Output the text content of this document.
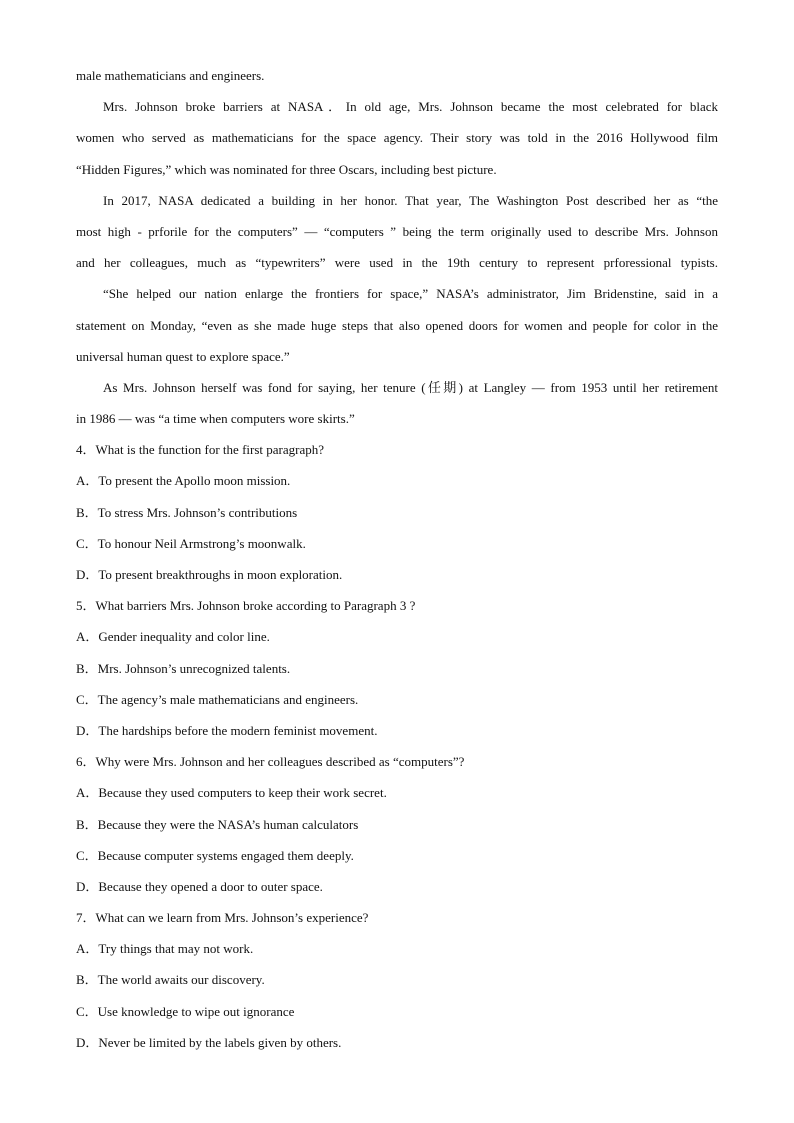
male mathematicians and engineers.
Mrs. Johnson broke barriers at NASA．In old age, Mrs. Johnson became the most celebrated for black
women who served as mathematicians for the space agency. Their story was told in the 2016 Hollywood film
“Hidden Figures,” which was nominated for three Oscars, including best picture.
In 2017, NASA dedicated a building in her honor. That year, The Washington Post described her as “the
most high - prforile for the computers” — “computers ” being the term originally used to describe Mrs. Johnson
and her colleagues, much as “typewriters” were used in the 19th century to represent prforessional typists.
“She helped our nation enlarge the frontiers for space,” NASA’s administrator, Jim Bridenstine, said in a
statement on Monday, “even as she made huge steps that also opened doors for women and people for color in the
universal human quest to explore space.”
As Mrs. Johnson herself was fond for saying, her tenure (任期) at Langley — from 1953 until her retirement
in 1986 — was “a time when computers wore skirts.”
4．What is the function for the first paragraph?
A．To present the Apollo moon mission.
B．To stress Mrs. Johnson’s contributions
C．To honour Neil Armstrong’s moonwalk.
D．To present breakthroughs in moon exploration.
5．What barriers Mrs. Johnson broke according to Paragraph 3 ?
A．Gender inequality and color line.
B．Mrs. Johnson’s unrecognized talents.
C．The agency’s male mathematicians and engineers.
D．The hardships before the modern feminist movement.
6．Why were Mrs. Johnson and her colleagues described as “computers”?
A．Because they used computers to keep their work secret.
B．Because they were the NASA’s human calculators
C．Because computer systems engaged them deeply.
D．Because they opened a door to outer space.
7．What can we learn from Mrs. Johnson’s experience?
A．Try things that may not work.
B．The world awaits our discovery.
C．Use knowledge to wipe out ignorance
D．Never be limited by the labels given by others.
